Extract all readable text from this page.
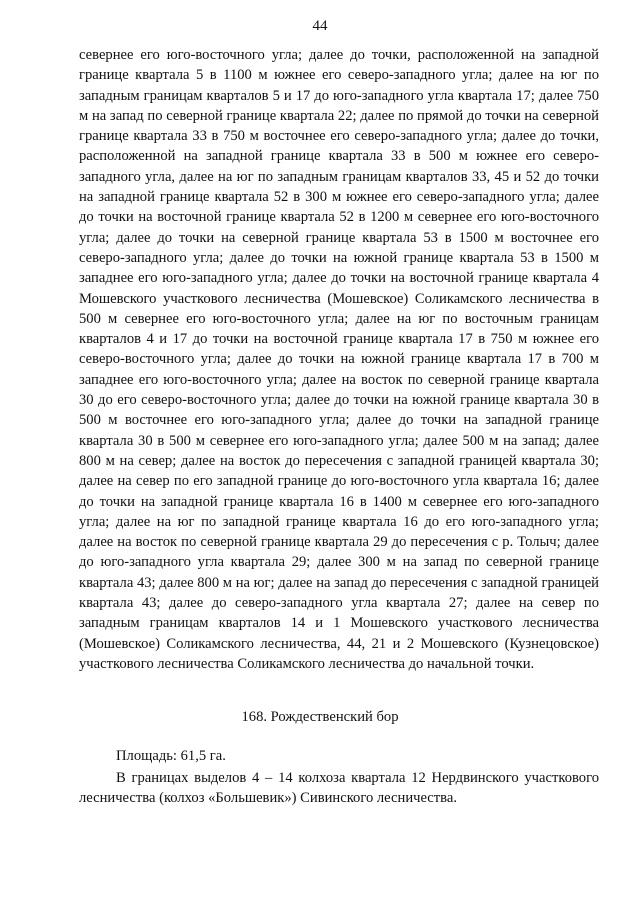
44

севернее его юго-восточного угла; далее до точки, расположенной на западной границе квартала 5 в 1100 м южнее его северо-западного угла; далее на юг по западным границам кварталов 5 и 17 до юго-западного угла квартала 17; далее 750 м на запад по северной границе квартала 22; далее по прямой до точки на северной границе квартала 33 в 750 м восточнее его северо-западного угла; далее до точки, расположенной на западной границе квартала 33 в 500 м южнее его северо-западного угла, далее на юг по западным границам кварталов 33, 45 и 52 до точки на западной границе квартала 52 в 300 м южнее его северо-западного угла; далее до точки на восточной границе квартала 52 в 1200 м севернее его юго-восточного угла; далее до точки на северной границе квартала 53 в 1500 м восточнее его северо-западного угла; далее до точки на южной границе квартала 53 в 1500 м западнее его юго-западного угла; далее до точки на восточной границе квартала 4 Мошевского участкового лесничества (Мошевское) Соликамского лесничества в 500 м севернее его юго-восточного угла; далее на юг по восточным границам кварталов 4 и 17 до точки на восточной границе квартала 17 в 750 м южнее его северо-восточного угла; далее до точки на южной границе квартала 17 в 700 м западнее его юго-восточного угла; далее на восток по северной границе квартала 30 до его северо-восточного угла; далее до точки на южной границе квартала 30 в 500 м восточнее его юго-западного угла; далее до точки на западной границе квартала 30 в 500 м севернее его юго-западного угла; далее 500 м на запад; далее 800 м на север; далее на восток до пересечения с западной границей квартала 30; далее на север по его западной границе до юго-восточного угла квартала 16; далее до точки на западной границе квартала 16 в 1400 м севернее его юго-западного угла; далее на юг по западной границе квартала 16 до его юго-западного угла; далее на восток по северной границе квартала 29 до пересечения с р. Толыч; далее до юго-западного угла квартала 29; далее 300 м на запад по северной границе квартала 43; далее 800 м на юг; далее на запад до пересечения с западной границей квартала 43; далее до северо-западного угла квартала 27; далее на север по западным границам кварталов 14 и 1 Мошевского участкового лесничества (Мошевское) Соликамского лесничества, 44, 21 и 2 Мошевского (Кузнецовское) участкового лесничества Соликамского лесничества до начальной точки.

168. Рождественский бор

Площадь: 61,5 га.

В границах выделов 4 – 14 колхоза квартала 12 Нердвинского участкового лесничества (колхоз «Большевик») Сивинского лесничества.
